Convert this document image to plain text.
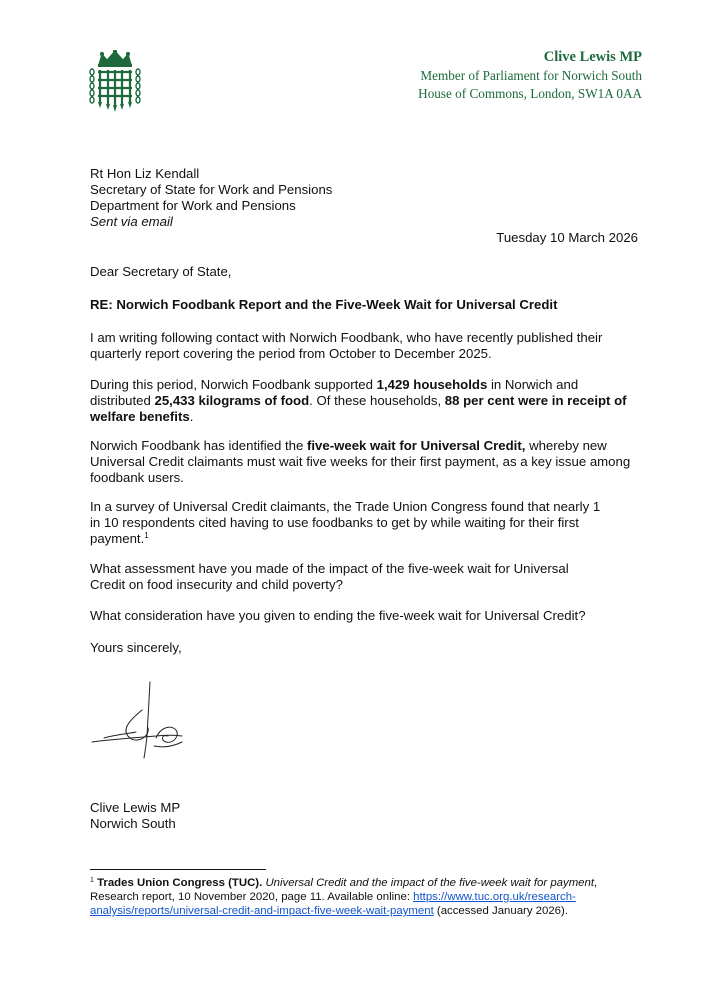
Clive Lewis MP
Member of Parliament for Norwich South
House of Commons, London, SW1A 0AA
Rt Hon Liz Kendall
Secretary of State for Work and Pensions
Department for Work and Pensions
Sent via email
Tuesday 10 March 2026
Dear Secretary of State,
RE: Norwich Foodbank Report and the Five-Week Wait for Universal Credit
I am writing following contact with Norwich Foodbank, who have recently published their quarterly report covering the period from October to December 2025.
During this period, Norwich Foodbank supported 1,429 households in Norwich and distributed 25,433 kilograms of food. Of these households, 88 per cent were in receipt of welfare benefits.
Norwich Foodbank has identified the five-week wait for Universal Credit, whereby new Universal Credit claimants must wait five weeks for their first payment, as a key issue among foodbank users.
In a survey of Universal Credit claimants, the Trade Union Congress found that nearly 1 in 10 respondents cited having to use foodbanks to get by while waiting for their first payment.$^1$
What assessment have you made of the impact of the five-week wait for Universal Credit on food insecurity and child poverty?
What consideration have you given to ending the five-week wait for Universal Credit?
Yours sincerely,
Clive Lewis MP
Norwich South
$^1$ Trades Union Congress (TUC). Universal Credit and the impact of the five-week wait for payment, Research report, 10 November 2020, page 11. Available online: https://www.tuc.org.uk/research-analysis/reports/universal-credit-and-impact-five-week-wait-payment (accessed January 2026).
